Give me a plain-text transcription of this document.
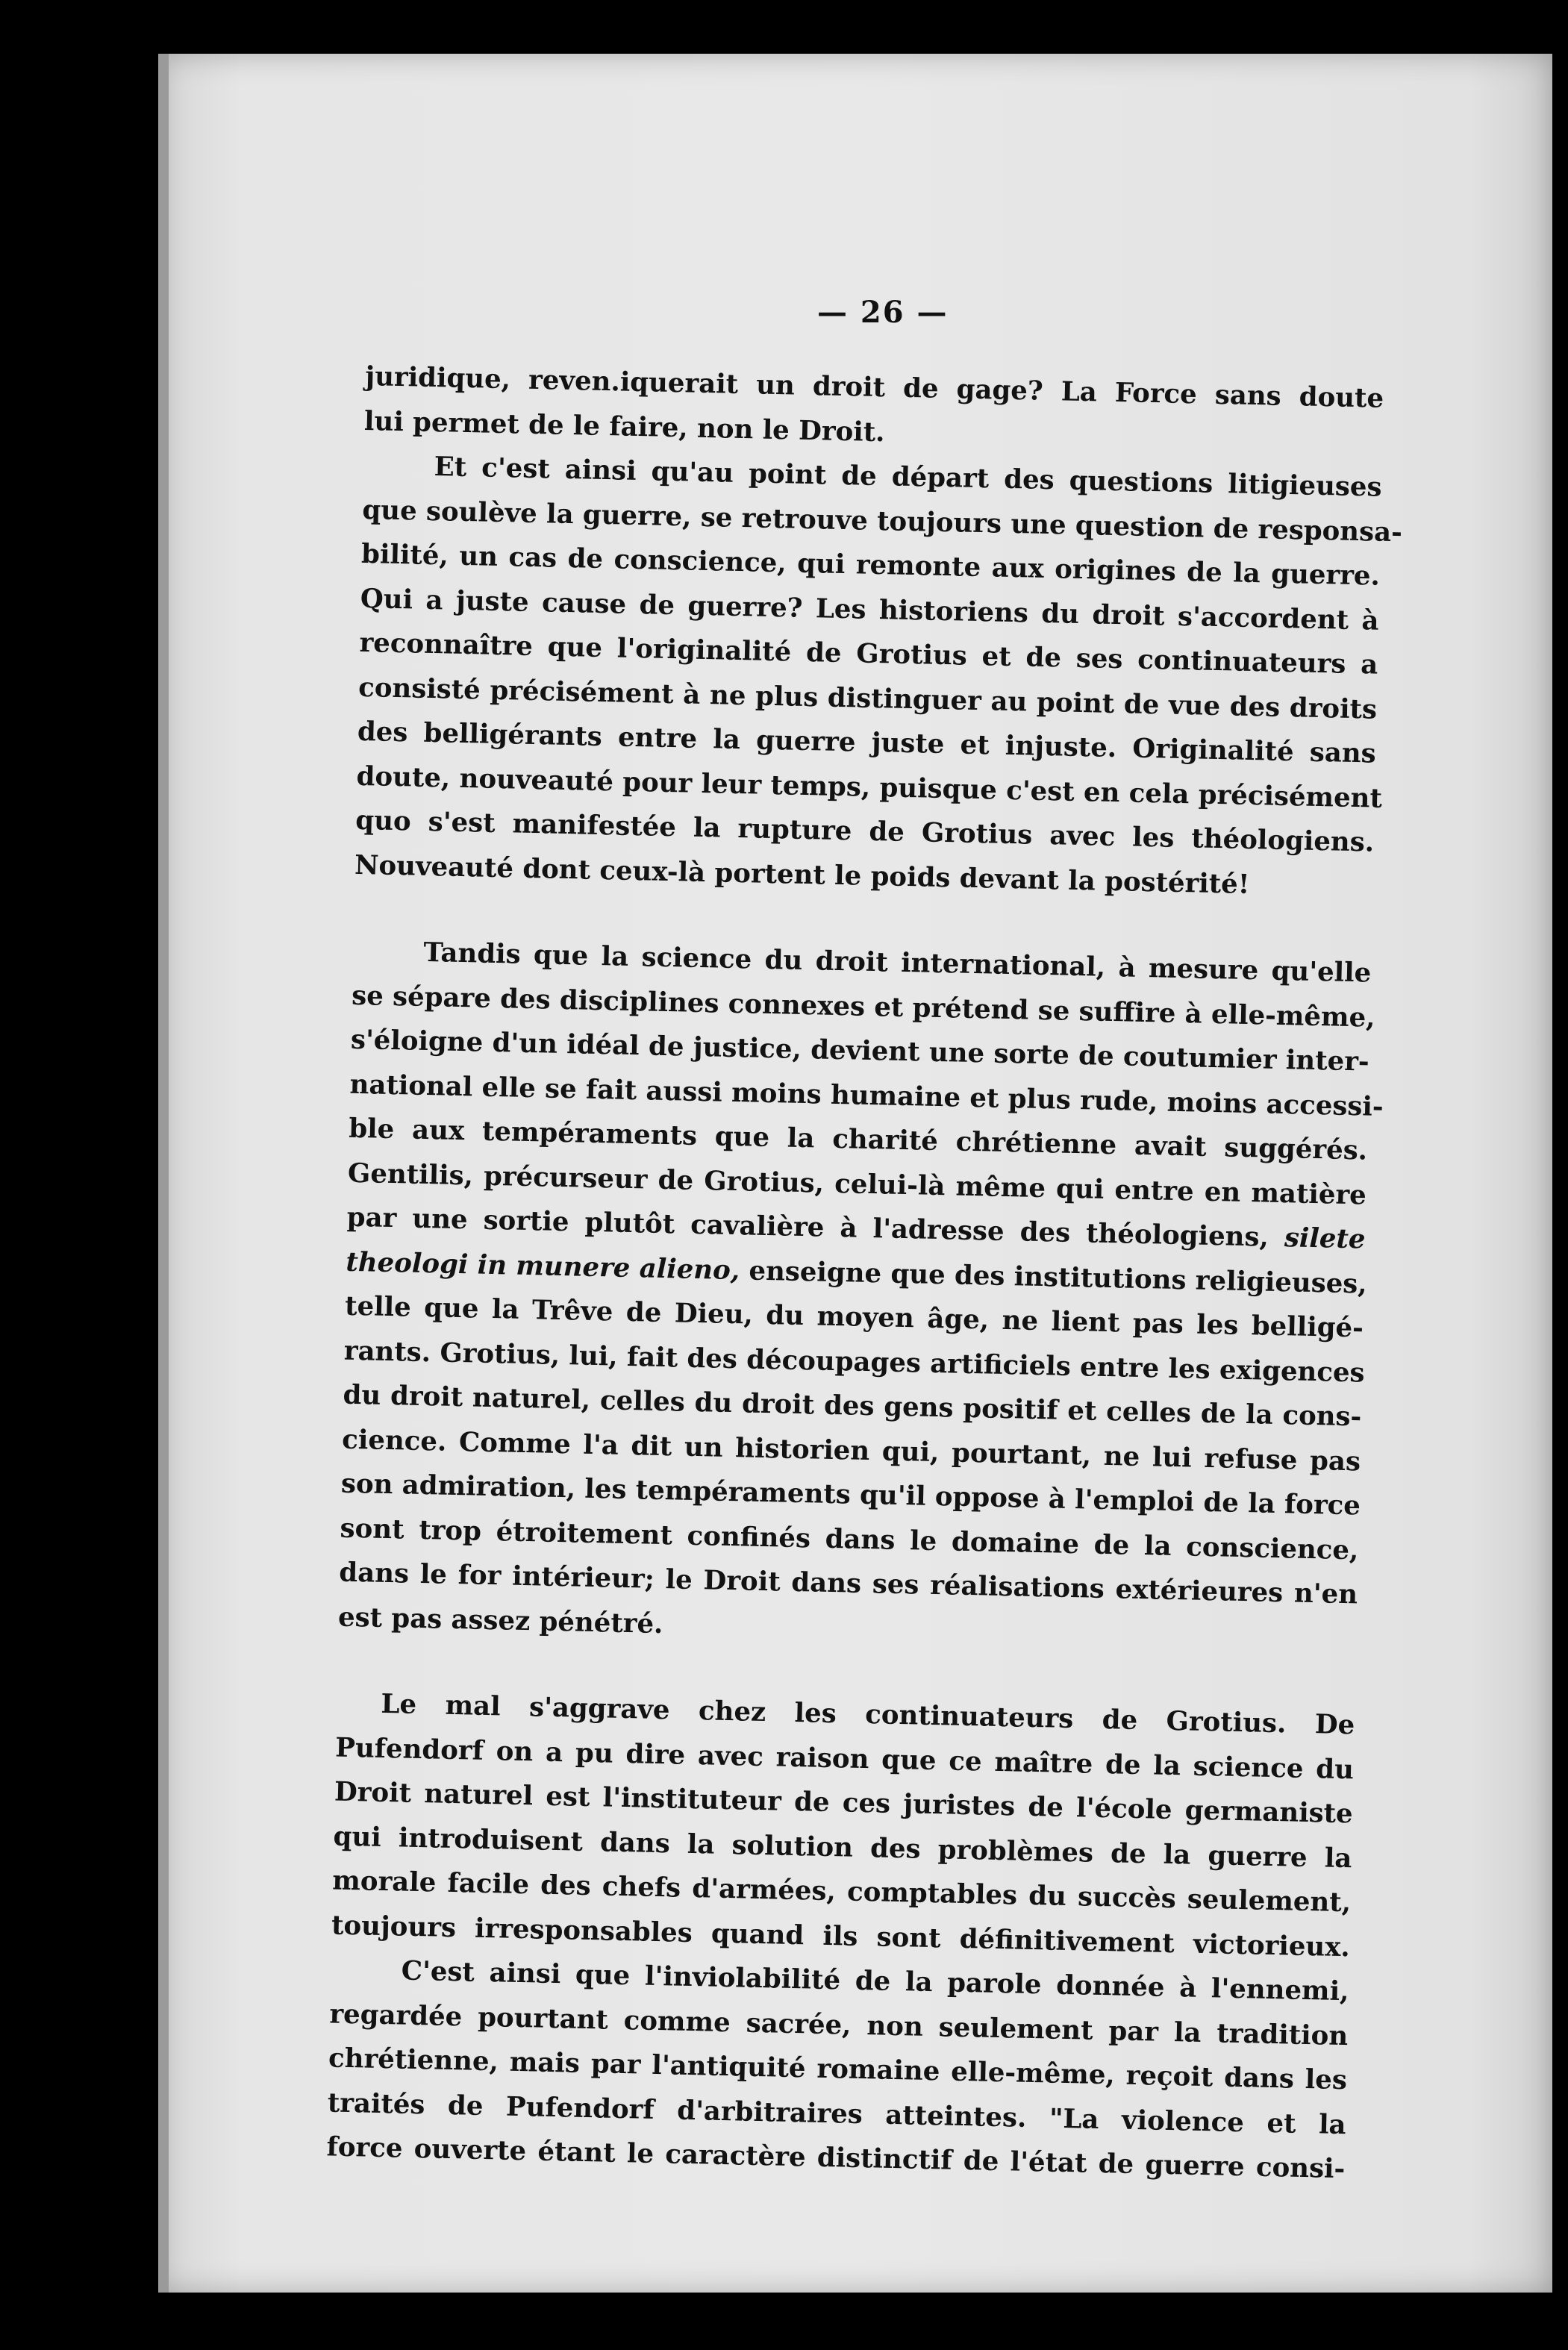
— 26 —
juridique, reven.iquerait un droit de gage? La Force sans doute
lui permet de le faire, non le Droit.
Et c'est ainsi qu'au point de départ des questions litigieuses
que soulève la guerre, se retrouve toujours une question de responsa-
bilité, un cas de conscience, qui remonte aux origines de la guerre.
Qui a juste cause de guerre? Les historiens du droit s'accordent à
reconnaître que l'originalité de Grotius et de ses continuateurs a
consisté précisément à ne plus distinguer au point de vue des droits
des belligérants entre la guerre juste et injuste. Originalité sans
doute, nouveauté pour leur temps, puisque c'est en cela précisément
quo s'est manifestée la rupture de Grotius avec les théologiens.
Nouveauté dont ceux-là portent le poids devant la postérité!
Tandis que la science du droit international, à mesure qu'elle
se sépare des disciplines connexes et prétend se suffire à elle-même,
s'éloigne d'un idéal de justice, devient une sorte de coutumier inter-
national elle se fait aussi moins humaine et plus rude, moins accessi-
ble aux tempéraments que la charité chrétienne avait suggérés.
Gentilis, précurseur de Grotius, celui-là même qui entre en matière
par une sortie plutôt cavalière à l'adresse des théologiens, silete
theologi in munere alieno, enseigne que des institutions religieuses,
telle que la Trêve de Dieu, du moyen âge, ne lient pas les belligé-
rants. Grotius, lui, fait des découpages artificiels entre les exigences
du droit naturel, celles du droit des gens positif et celles de la cons-
cience. Comme l'a dit un historien qui, pourtant, ne lui refuse pas
son admiration, les tempéraments qu'il oppose à l'emploi de la force
sont trop étroitement confinés dans le domaine de la conscience,
dans le for intérieur; le Droit dans ses réalisations extérieures n'en
est pas assez pénétré.
Le mal s'aggrave chez les continuateurs de Grotius. De
Pufendorf on a pu dire avec raison que ce maître de la science du
Droit naturel est l'instituteur de ces juristes de l'école germaniste
qui introduisent dans la solution des problèmes de la guerre la
morale facile des chefs d'armées, comptables du succès seulement,
toujours irresponsables quand ils sont définitivement victorieux.
C'est ainsi que l'inviolabilité de la parole donnée à l'ennemi,
regardée pourtant comme sacrée, non seulement par la tradition
chrétienne, mais par l'antiquité romaine elle-même, reçoit dans les
traités de Pufendorf d'arbitraires atteintes. "La violence et la
force ouverte étant le caractère distinctif de l'état de guerre consi-
